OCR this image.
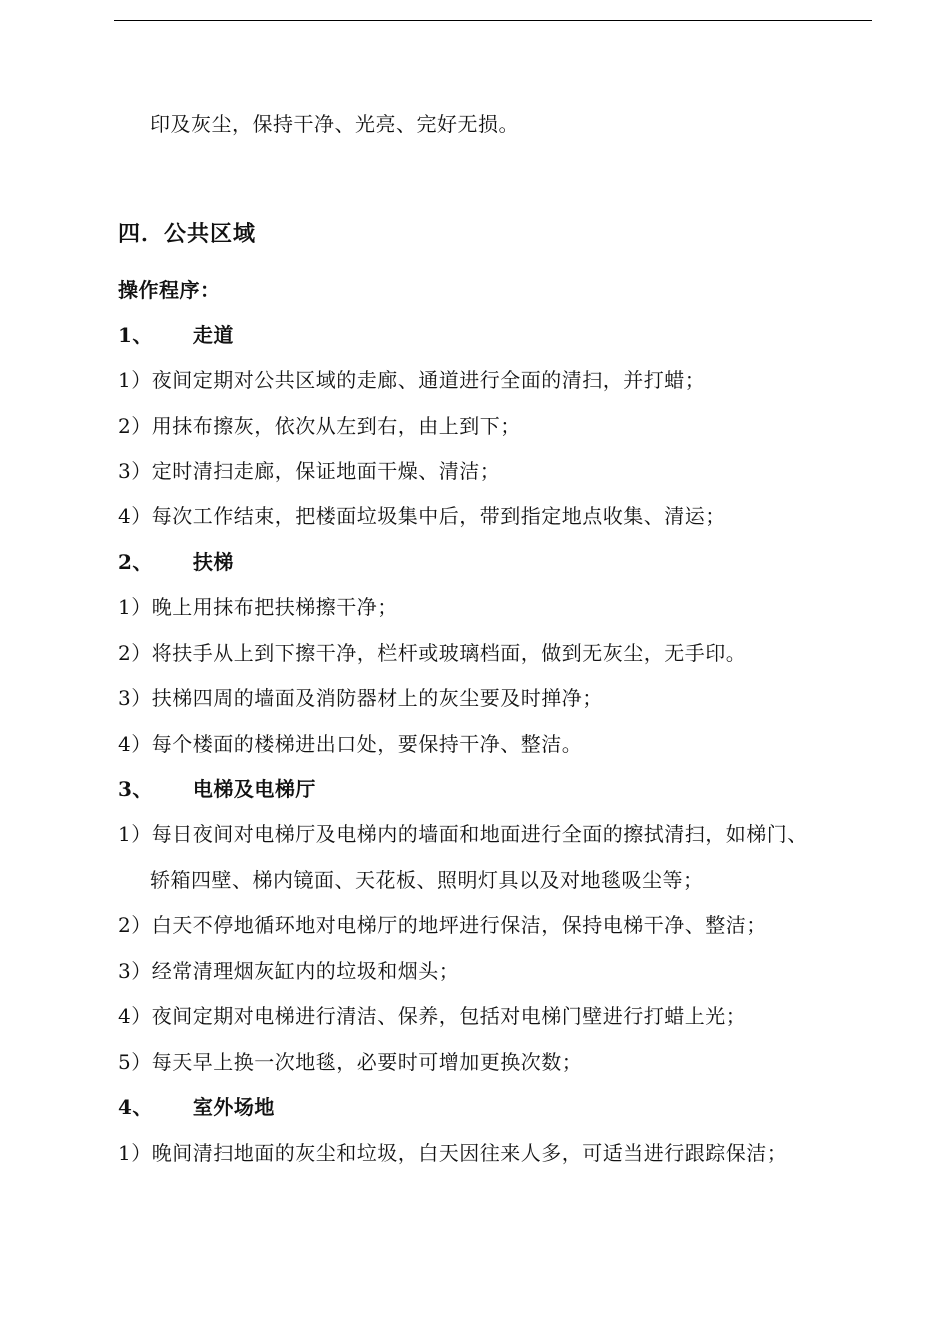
印及灰尘，保持干净、光亮、完好无损。
四．公共区域
操作程序：
1、 走道
1）夜间定期对公共区域的走廊、通道进行全面的清扫，并打蜡；
2）用抹布擦灰，依次从左到右，由上到下；
3）定时清扫走廊，保证地面干燥、清洁；
4）每次工作结束，把楼面垃圾集中后，带到指定地点收集、清运；
2、 扶梯
1）晚上用抹布把扶梯擦干净；
2）将扶手从上到下擦干净，栏杆或玻璃档面，做到无灰尘，无手印。
3）扶梯四周的墙面及消防器材上的灰尘要及时掸净；
4）每个楼面的楼梯进出口处，要保持干净、整洁。
3、 电梯及电梯厅
1）每日夜间对电梯厅及电梯内的墙面和地面进行全面的擦拭清扫，如梯门、
轿箱四壁、梯内镜面、天花板、照明灯具以及对地毯吸尘等；
2）白天不停地循环地对电梯厅的地坪进行保洁，保持电梯干净、整洁；
3）经常清理烟灰缸内的垃圾和烟头；
4）夜间定期对电梯进行清洁、保养，包括对电梯门壁进行打蜡上光；
5）每天早上换一次地毯，必要时可增加更换次数；
4、 室外场地
1）晚间清扫地面的灰尘和垃圾，白天因往来人多，可适当进行跟踪保洁；
